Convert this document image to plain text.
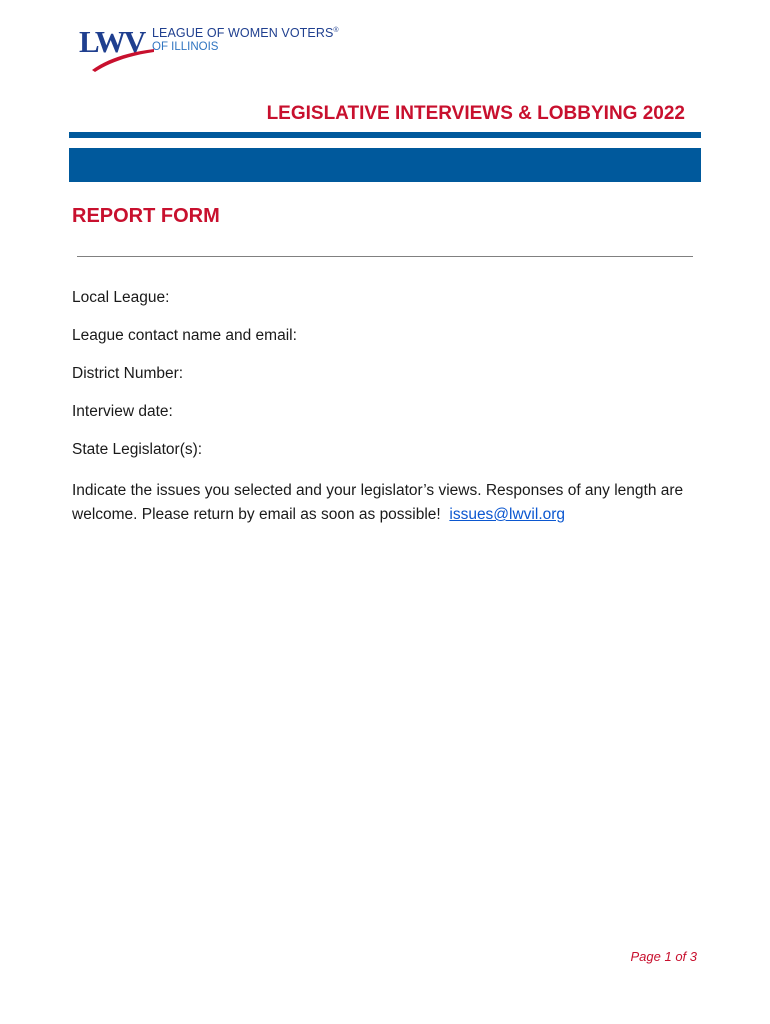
LWV LEAGUE OF WOMEN VOTERS®
OF ILLINOIS
LEGISLATIVE INTERVIEWS & LOBBYING 2022
REPORT FORM
Local League:
League contact name and email:
District Number:
Interview date:
State Legislator(s):
Indicate the issues you selected and your legislator’s views. Responses of any length are welcome. Please return by email as soon as possible! issues@lwvil.org
Page 1 of 3
